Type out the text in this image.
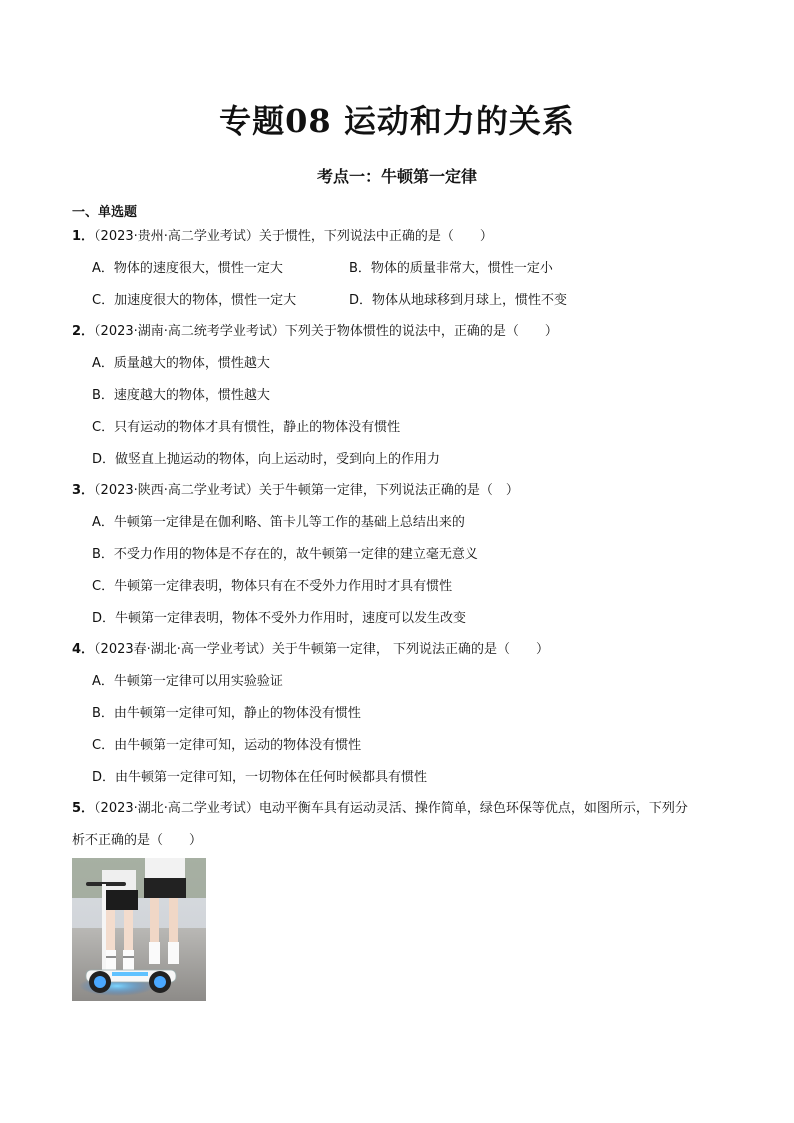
专题08 运动和力的关系
考点一：牛顿第一定律
一、单选题
1．（2023·贵州·高二学业考试）关于惯性，下列说法中正确的是（　　）
A．物体的速度很大，惯性一定大	B．物体的质量非常大，惯性一定小
C．加速度很大的物体，惯性一定大	D．物体从地球移到月球上，惯性不变
2．（2023·湖南·高二统考学业考试）下列关于物体惯性的说法中，正确的是（　　）
A．质量越大的物体，惯性越大
B．速度越大的物体，惯性越大
C．只有运动的物体才具有惯性，静止的物体没有惯性
D．做竖直上抛运动的物体，向上运动时，受到向上的作用力
3．（2023·陕西·高二学业考试）关于牛顿第一定律，下列说法正确的是（　）
A．牛顿第一定律是在伽利略、笛卡儿等工作的基础上总结出来的
B．不受力作用的物体是不存在的，故牛顿第一定律的建立毫无意义
C．牛顿第一定律表明，物体只有在不受外力作用时才具有惯性
D．牛顿第一定律表明，物体不受外力作用时，速度可以发生改变
4．（2023春·湖北·高一学业考试）关于牛顿第一定律， 下列说法正确的是（　　）
A．牛顿第一定律可以用实验验证
B．由牛顿第一定律可知，静止的物体没有惯性
C．由牛顿第一定律可知，运动的物体没有惯性
D．由牛顿第一定律可知，一切物体在任何时候都具有惯性
5．（2023·湖北·高二学业考试）电动平衡车具有运动灵活、操作简单，绿色环保等优点，如图所示，下列分
析不正确的是（　　）
